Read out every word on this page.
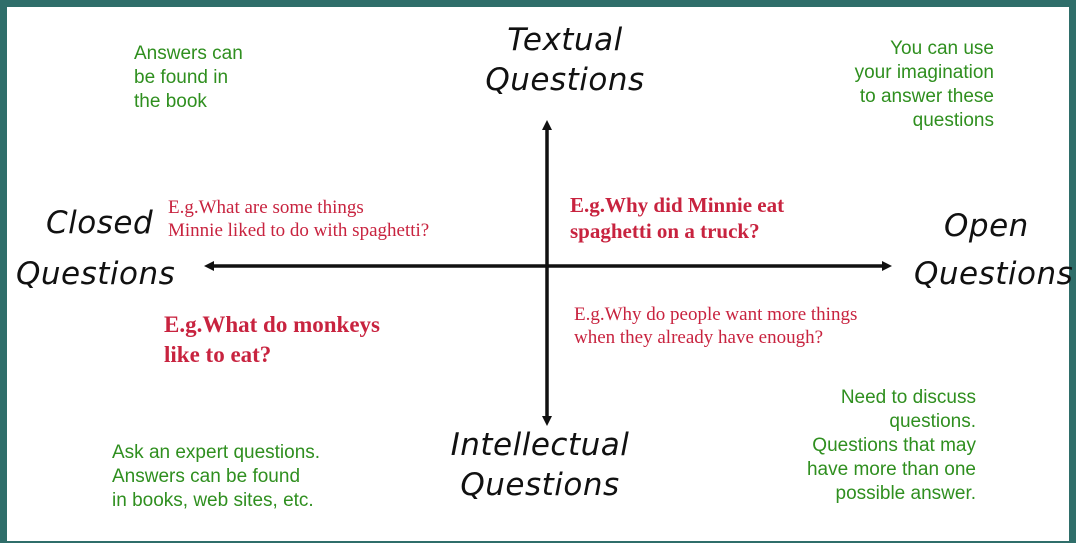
Textual
Questions
Intellectual
Questions
Closed
Questions
Open
Questions
Answers can
be found in
the book
You can use
your imagination
to answer these
questions
Ask an expert questions.
Answers can be found
in books, web sites, etc.
Need to discuss
questions.
Questions that may
have more than one
possible answer.
E.g.What are some things
Minnie liked to do with spaghetti?
E.g.Why did Minnie eat
spaghetti on a truck?
E.g.What do monkeys
like to eat?
E.g.Why do people want more things
when they already have enough?
